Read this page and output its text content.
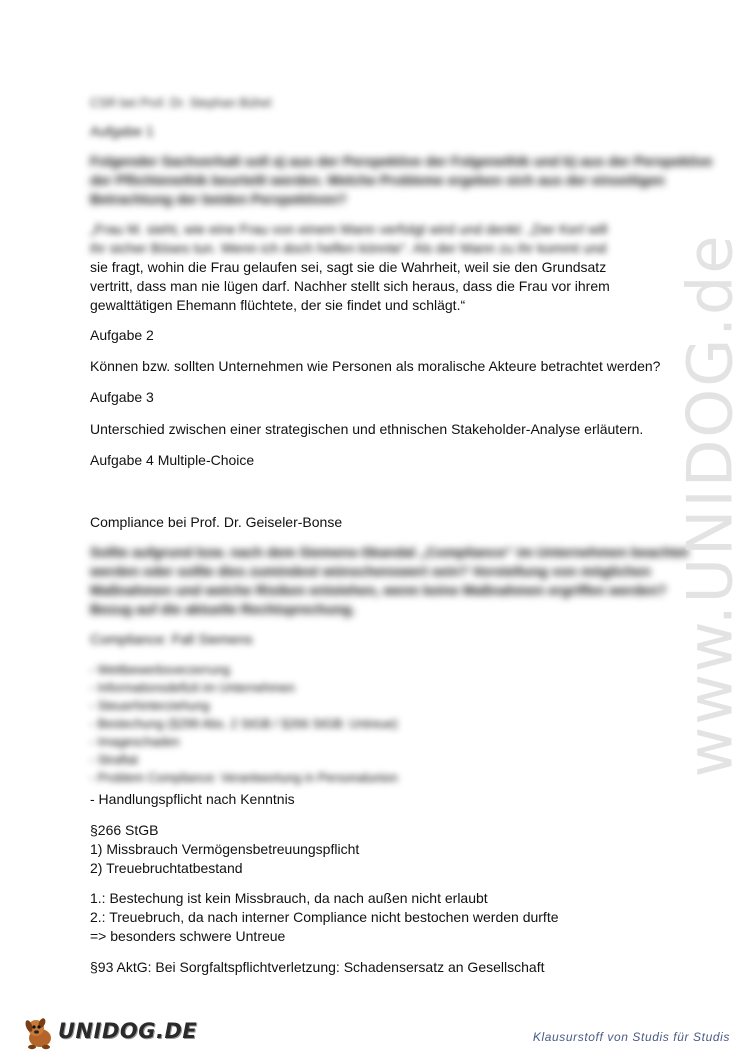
CSR bei Prof. Dr. Stephan Bühel
Aufgabe 1
Folgender Sachverhalt soll a) aus der Perspektive der Folgenethik und b) aus der Perspektive
der Pflichtenethik beurteilt werden. Welche Probleme ergeben sich aus der einseitigen
Betrachtung der beiden Perspektiven?
„Frau M. sieht, wie eine Frau von einem Mann verfolgt wird und denkt: „Der Kerl will
ihr sicher Böses tun. Wenn ich doch helfen könnte“. Als der Mann zu ihr kommt und
sie fragt, wohin die Frau gelaufen sei, sagt sie die Wahrheit, weil sie den Grundsatz
vertritt, dass man nie lügen darf. Nachher stellt sich heraus, dass die Frau vor ihrem
gewalttätigen Ehemann flüchtete, der sie findet und schlägt.“
Aufgabe 2
Können bzw. sollten Unternehmen wie Personen als moralische Akteure betrachtet werden?
Aufgabe 3
Unterschied zwischen einer strategischen und ethnischen Stakeholder-Analyse erläutern.
Aufgabe 4 Multiple-Choice
Compliance bei Prof. Dr. Geiseler-Bonse
Sollte aufgrund bzw. nach dem Siemens-Skandal „Compliance“ im Unternehmen beachtet
werden oder sollte dies zumindest wünschenswert sein? Vorstellung von möglichen
Maßnahmen und welche Risiken entstehen, wenn keine Maßnahmen ergriffen werden?
Bezug auf die aktuelle Rechtsprechung.
Compliance: Fall Siemens
- Wettbewerbsverzerrung
- Informationsdefizit im Unternehmen
- Steuerhinterziehung
- Bestechung (§299 Abs. 2 StGB / §266 StGB: Untreue)
- Imageschaden
- Straftat
- Problem Compliance: Verantwortung in Personalunion
- Handlungspflicht nach Kenntnis
§266 StGB
1) Missbrauch Vermögensbetreuungspflicht
2) Treuebruchtatbestand
1.: Bestechung ist kein Missbrauch, da nach außen nicht erlaubt
2.: Treuebruch, da nach interner Compliance nicht bestochen werden durfte
=> besonders schwere Untreue
§93 AktG: Bei Sorgfaltspflichtverletzung: Schadensersatz an Gesellschaft
www.UNIDOG.de
UNIDOG.DE	Klausurstoff von Studis für Studis
